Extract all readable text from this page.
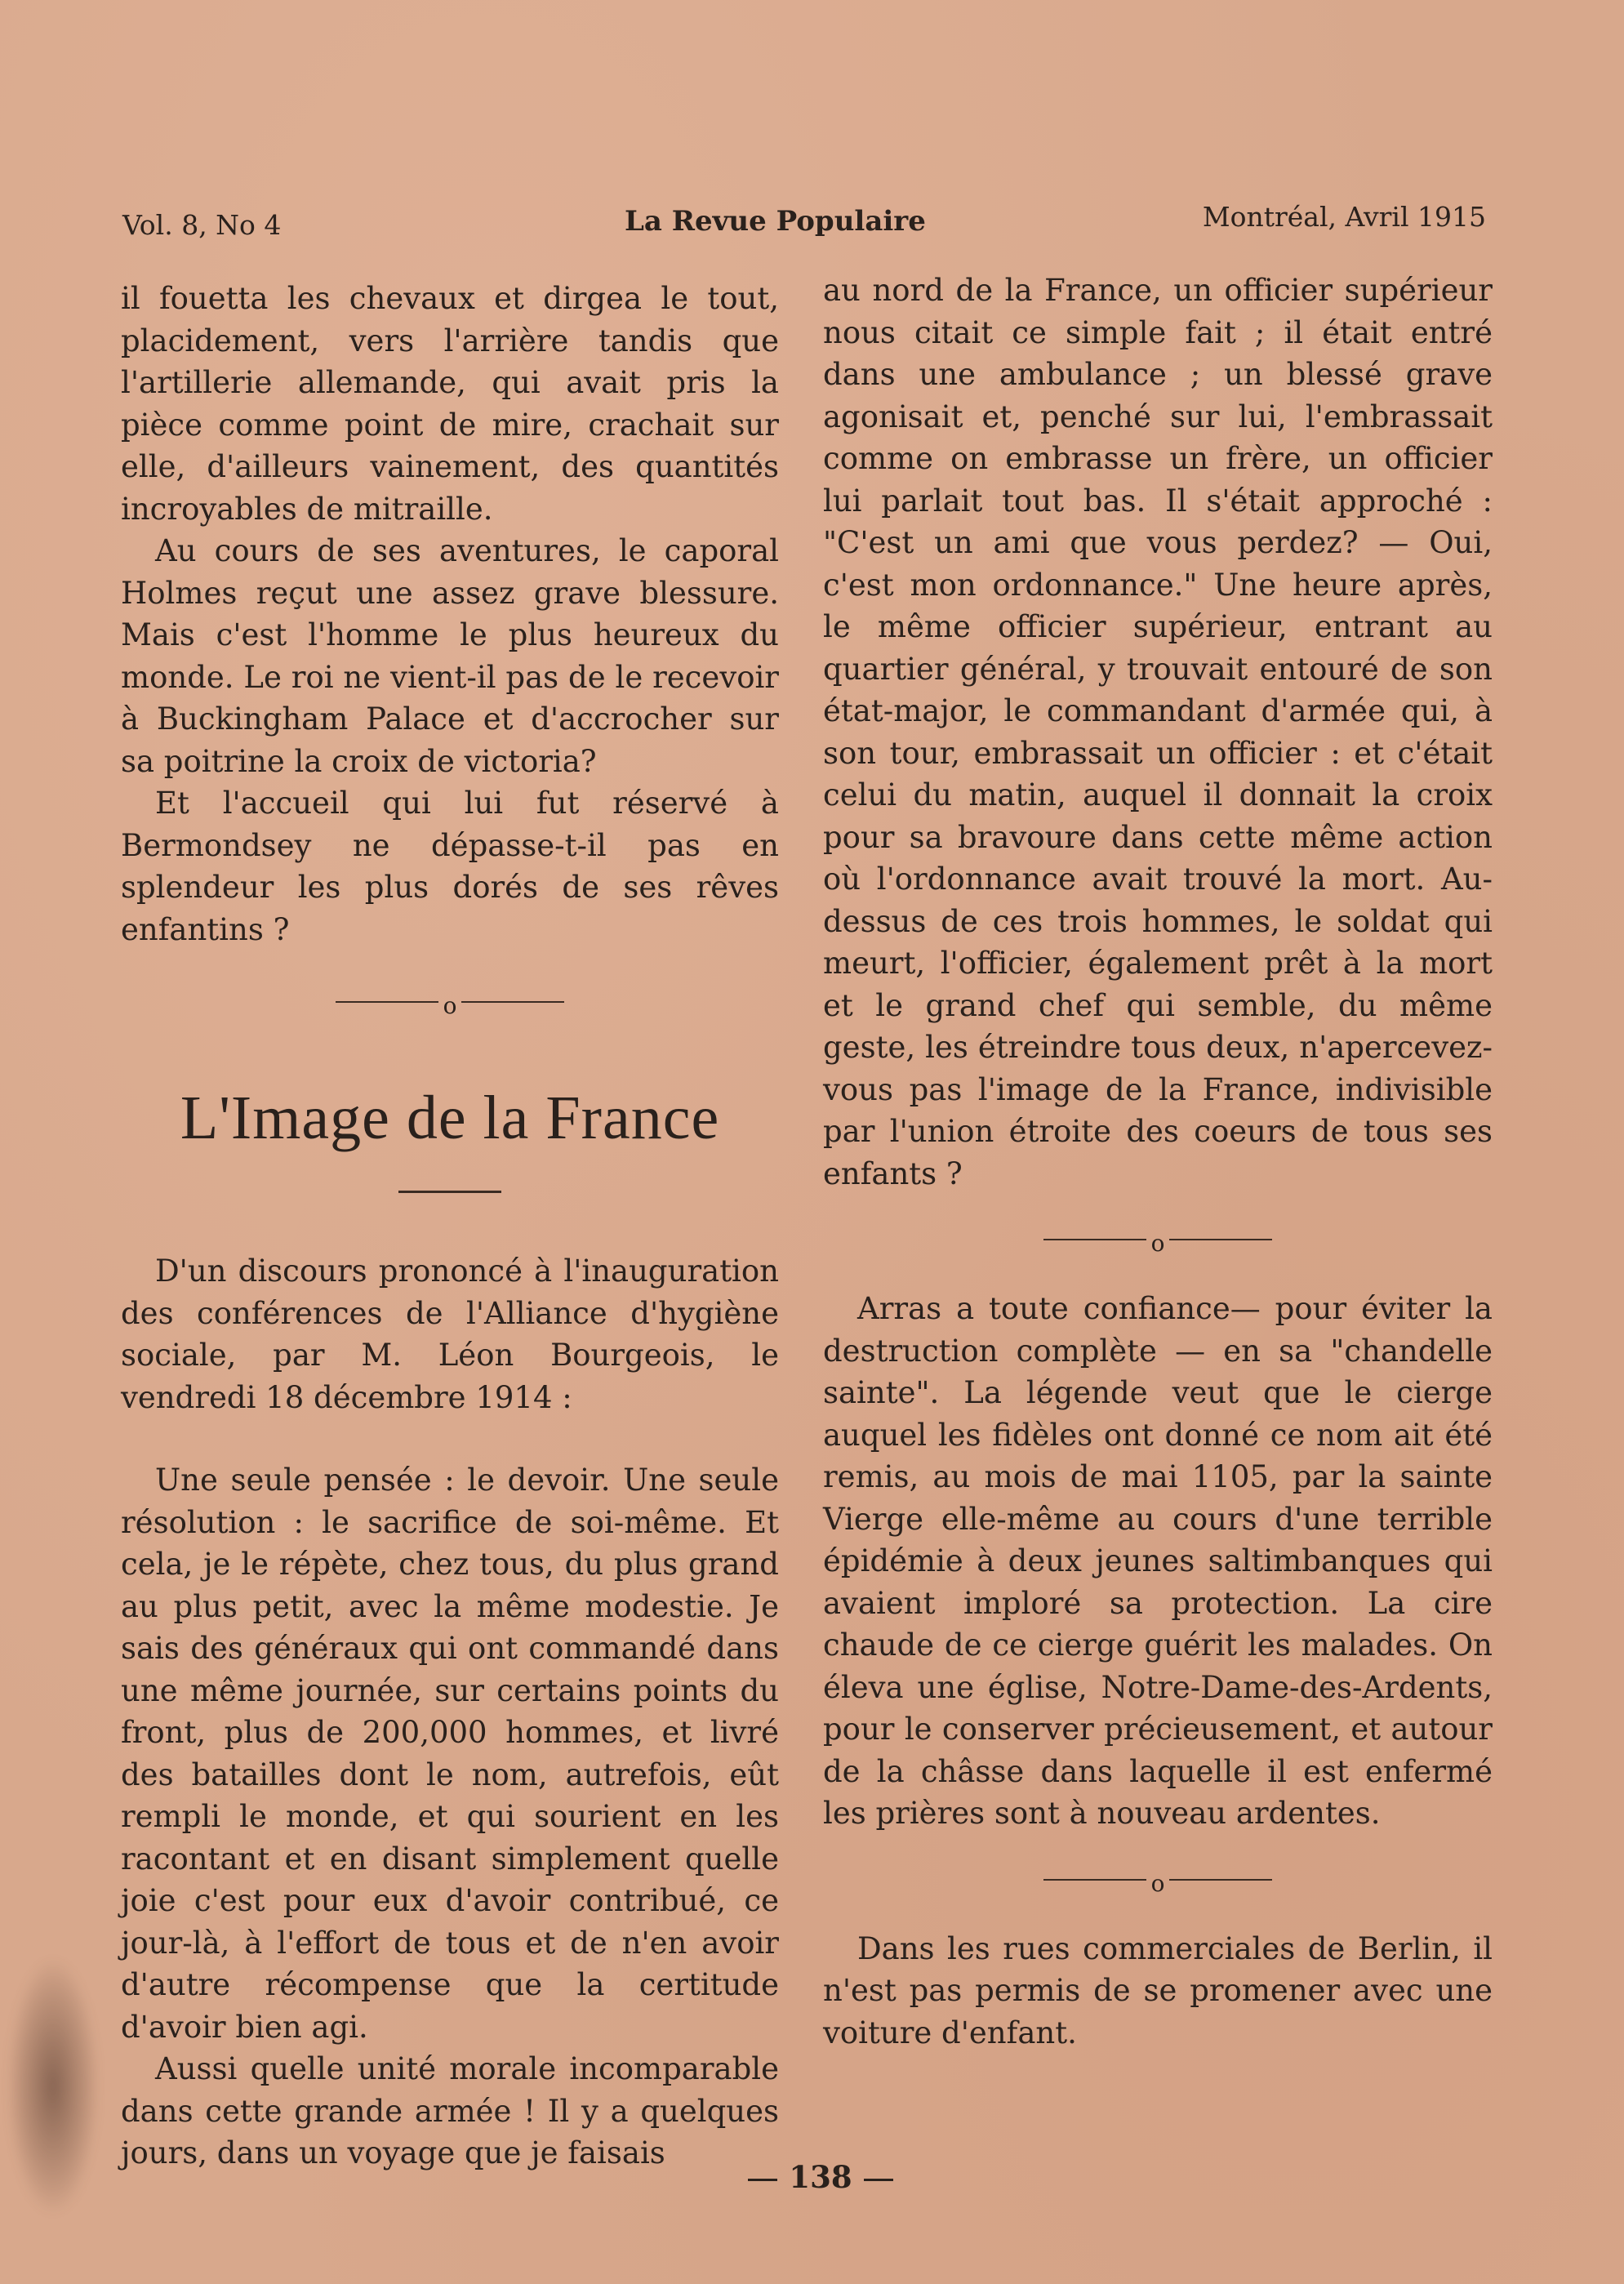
Vol. 8, No 4	La Revue Populaire	Montréal, Avril 1915

il fouetta les chevaux et dirgea le tout, placidement, vers l'arrière tandis que l'artillerie allemande, qui avait pris la pièce comme point de mire, crachait sur elle, d'ailleurs vainement, des quantités incroyables de mitraille.

Au cours de ses aventures, le caporal Holmes reçut une assez grave blessure. Mais c'est l'homme le plus heureux du monde. Le roi ne vient-il pas de le recevoir à Buckingham Palace et d'accrocher sur sa poitrine la croix de victoria?

Et l'accueil qui lui fut réservé à Bermondsey ne dépasse-t-il pas en splendeur les plus dorés de ses rêves enfantins ?

o
L'Image de la France

D'un discours prononcé à l'inauguration des conférences de l'Alliance d'hygiène sociale, par M. Léon Bourgeois, le vendredi 18 décembre 1914 :

Une seule pensée : le devoir. Une seule résolution : le sacrifice de soi-même. Et cela, je le répète, chez tous, du plus grand au plus petit, avec la même modestie. Je sais des généraux qui ont commandé dans une même journée, sur certains points du front, plus de 200,000 hommes, et livré des batailles dont le nom, autrefois, eût rempli le monde, et qui sourient en les racontant et en disant simplement quelle joie c'est pour eux d'avoir contribué, ce jour-là, à l'effort de tous et de n'en avoir d'autre récompense que la certitude d'avoir bien agi.

Aussi quelle unité morale incomparable dans cette grande armée ! Il y a quelques jours, dans un voyage que je faisais

au nord de la France, un officier supérieur nous citait ce simple fait ; il était entré dans une ambulance ; un blessé grave agonisait et, penché sur lui, l'embrassait comme on embrasse un frère, un officier lui parlait tout bas. Il s'était approché : "C'est un ami que vous perdez? — Oui, c'est mon ordonnance." Une heure après, le même officier supérieur, entrant au quartier général, y trouvait entouré de son état-major, le commandant d'armée qui, à son tour, embrassait un officier : et c'était celui du matin, auquel il donnait la croix pour sa bravoure dans cette même action où l'ordonnance avait trouvé la mort. Au-dessus de ces trois hommes, le soldat qui meurt, l'officier, également prêt à la mort et le grand chef qui semble, du même geste, les étreindre tous deux, n'apercevez-vous pas l'image de la France, indivisible par l'union étroite des coeurs de tous ses enfants ?

o

Arras a toute confiance— pour éviter la destruction complète — en sa "chandelle sainte". La légende veut que le cierge auquel les fidèles ont donné ce nom ait été remis, au mois de mai 1105, par la sainte Vierge elle-même au cours d'une terrible épidémie à deux jeunes saltimbanques qui avaient imploré sa protection. La cire chaude de ce cierge guérit les malades. On éleva une église, Notre-Dame-des-Ardents, pour le conserver précieusement, et autour de la châsse dans laquelle il est enfermé les prières sont à nouveau ardentes.

o

Dans les rues commerciales de Berlin, il n'est pas permis de se promener avec une voiture d'enfant.

138
